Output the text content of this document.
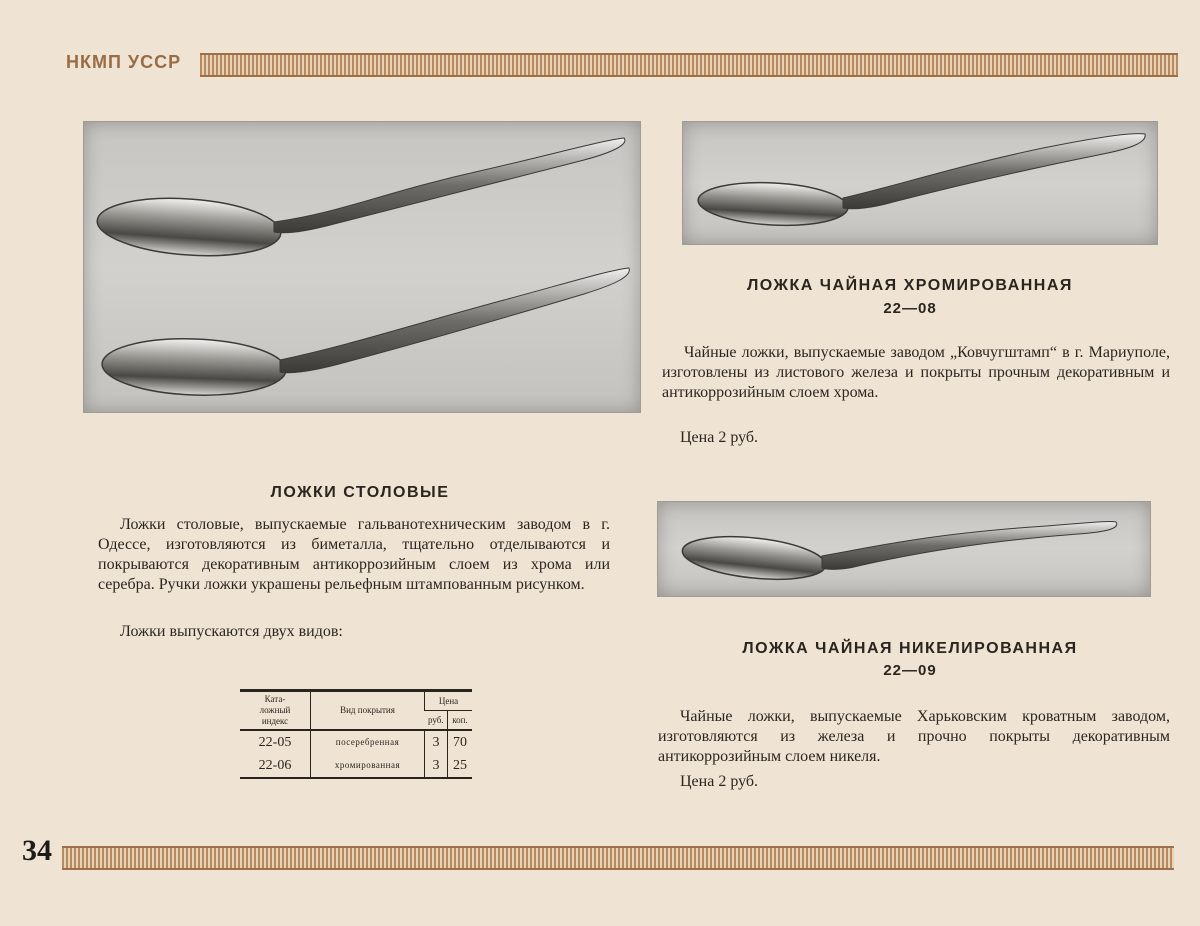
НКМП УССР
ЛОЖКИ СТОЛОВЫЕ

Ложки столовые, выпускаемые гальванотехническим заводом в г. Одессе, изготовляются из биметалла, тщательно отделываются и покрываются декоративным антикоррозийным слоем из хрома или серебра. Ручки ложки украшены рельефным штампованным рисунком.

Ложки выпускаются двух видов:
Ката-
ложный
индекс	Вид покрытия	Цена	
		руб.	коп.

22-05	посеребренная	3	70
22-06	хромированная	3	25
ЛОЖКА ЧАЙНАЯ ХРОМИРОВАННАЯ
22—08

Чайные ложки, выпускаемые заводом „Ковчугштамп“ в г. Мариуполе, изготовлены из листового железа и покрыты прочным декоративным и антикоррозийным слоем хрома.

Цена 2 руб.
ЛОЖКА ЧАЙНАЯ НИКЕЛИРОВАННАЯ
22—09

Чайные ложки, выпускаемые Харьковским кроватным заводом, изготовляются из железа и прочно покрыты декоративным антикоррозийным слоем никеля.

Цена 2 руб.
34
